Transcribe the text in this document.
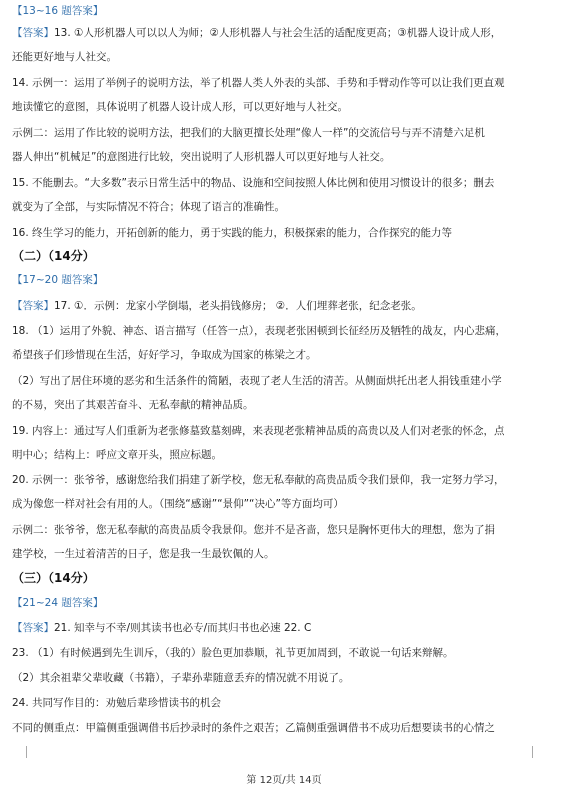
第 12页/共 14页
【13~16 题答案】
【答案】13. ①人形机器人可以以人为师；②人形机器人与社会生活的适配度更高；③机器人设计成人形，
还能更好地与人社交。
14. 示例一：运用了举例子的说明方法，举了机器人类人外表的头部、手势和手臂动作等可以让我们更直观
地读懂它的意图，具体说明了机器人设计成人形，可以更好地与人社交。
示例二：运用了作比较的说明方法，把我们的大脑更擅长处理“像人一样”的交流信号与弄不清楚六足机
器人伸出“机械足”的意图进行比较，突出说明了人形机器人可以更好地与人社交。
15. 不能删去。“大多数”表示日常生活中的物品、设施和空间按照人体比例和使用习惯设计的很多；删去
就变为了全部，与实际情况不符合；体现了语言的准确性。
16. 终生学习的能力，开拓创新的能力，勇于实践的能力，积极探索的能力，合作探究的能力等
（二）（14分）
【17~20 题答案】
【答案】17. ①．示例：龙家小学倒塌，老头捐钱修房； ②．人们埋葬老张，纪念老张。
18. （1）运用了外貌、神态、语言描写（任答一点），表现老张困顿到长征经历及牺牲的战友，内心悲痛，
希望孩子们珍惜现在生活，好好学习，争取成为国家的栋梁之才。
（2）写出了居住环境的恶劣和生活条件的简陋，表现了老人生活的清苦。从侧面烘托出老人捐钱重建小学
的不易，突出了其艰苦奋斗、无私奉献的精神品质。
19. 内容上：通过写人们重新为老张修墓致墓刻碑，来表现老张精神品质的高贵以及人们对老张的怀念，点
明中心；结构上：呼应文章开头，照应标题。
20. 示例一：张爷爷，感谢您给我们捐建了新学校，您无私奉献的高贵品质令我们景仰，我一定努力学习，
成为像您一样对社会有用的人。（围绕“感谢”“景仰”“决心”等方面均可）
示例二：张爷爷，您无私奉献的高贵品质令我景仰。您并不是吝啬，您只是胸怀更伟大的理想，您为了捐
建学校，一生过着清苦的日子，您是我一生最钦佩的人。
（三）（14分）
【21~24 题答案】
【答案】21. 知幸与不幸/则其读书也必专/而其归书也必速 22. C
23. （1）有时候遇到先生训斥，（我的）脸色更加恭顺，礼节更加周到，不敢说一句话来辩解。
（2）其余祖辈父辈收藏（书籍），子辈孙辈随意丢弃的情况就不用说了。
24. 共同写作目的：劝勉后辈珍惜读书的机会
不同的侧重点：甲篇侧重强调借书后抄录时的条件之艰苦；乙篇侧重强调借书不成功后想要读书的心情之
